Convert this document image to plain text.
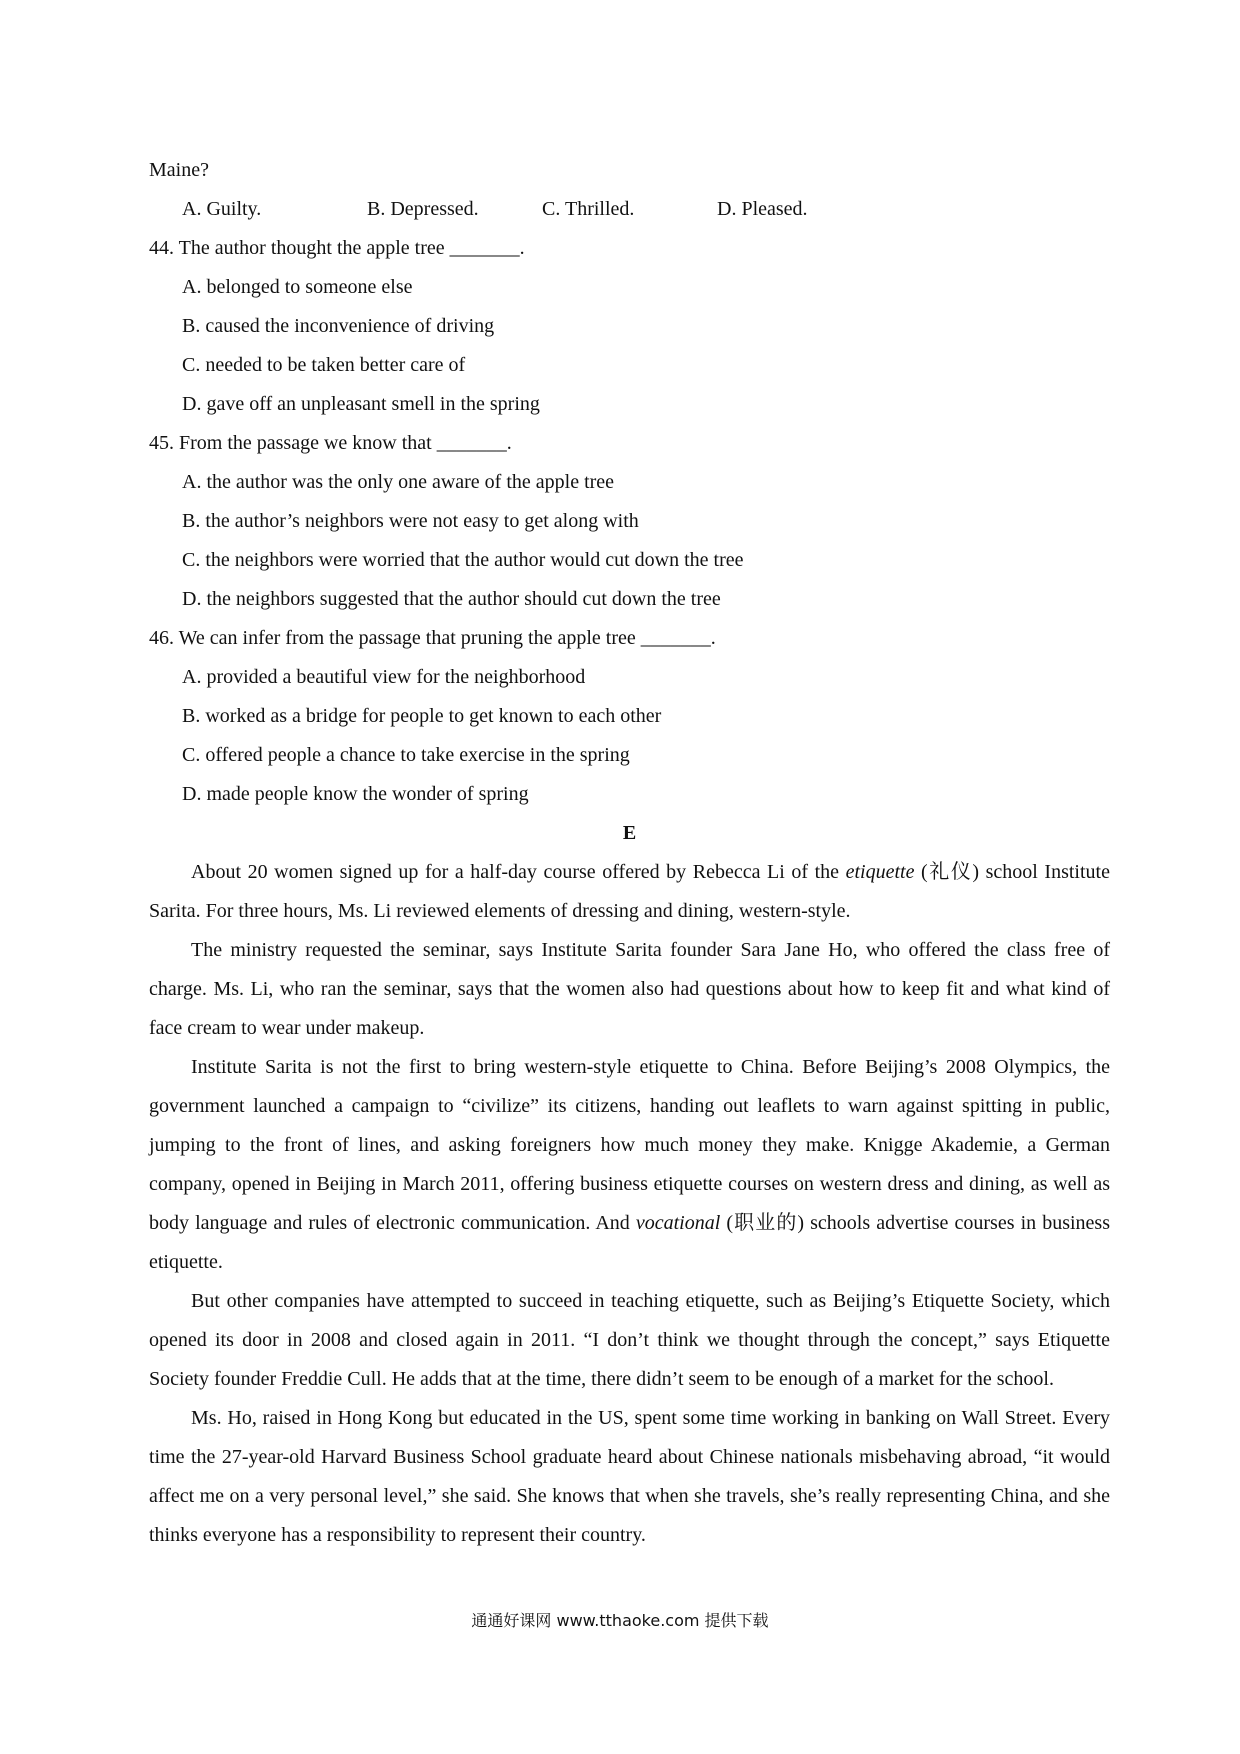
Maine?
A. Guilty.	B. Depressed.	C. Thrilled.	D. Pleased.
44. The author thought the apple tree _______.
A. belonged to someone else
B. caused the inconvenience of driving
C. needed to be taken better care of
D. gave off an unpleasant smell in the spring
45. From the passage we know that _______.
A. the author was the only one aware of the apple tree
B. the author’s neighbors were not easy to get along with
C. the neighbors were worried that the author would cut down the tree
D. the neighbors suggested that the author should cut down the tree
46. We can infer from the passage that pruning the apple tree _______.
A. provided a beautiful view for the neighborhood
B. worked as a bridge for people to get known to each other
C. offered people a chance to take exercise in the spring
D. made people know the wonder of spring
E

About 20 women signed up for a half-day course offered by Rebecca Li of the etiquette (礼仪) school Institute Sarita. For three hours, Ms. Li reviewed elements of dressing and dining, western-style.

The ministry requested the seminar, says Institute Sarita founder Sara Jane Ho, who offered the class free of charge. Ms. Li, who ran the seminar, says that the women also had questions about how to keep fit and what kind of face cream to wear under makeup.

Institute Sarita is not the first to bring western-style etiquette to China. Before Beijing’s 2008 Olympics, the government launched a campaign to “civilize” its citizens, handing out leaflets to warn against spitting in public, jumping to the front of lines, and asking foreigners how much money they make. Knigge Akademie, a German company, opened in Beijing in March 2011, offering business etiquette courses on western dress and dining, as well as body language and rules of electronic communication. And vocational (职业的) schools advertise courses in business etiquette.

But other companies have attempted to succeed in teaching etiquette, such as Beijing’s Etiquette Society, which opened its door in 2008 and closed again in 2011. “I don’t think we thought through the concept,” says Etiquette Society founder Freddie Cull. He adds that at the time, there didn’t seem to be enough of a market for the school.

Ms. Ho, raised in Hong Kong but educated in the US, spent some time working in banking on Wall Street. Every time the 27-year-old Harvard Business School graduate heard about Chinese nationals misbehaving abroad, “it would affect me on a very personal level,” she said. She knows that when she travels, she’s really representing China, and she thinks everyone has a responsibility to represent their country.

通通好课网 www.tthaoke.com 提供下载
